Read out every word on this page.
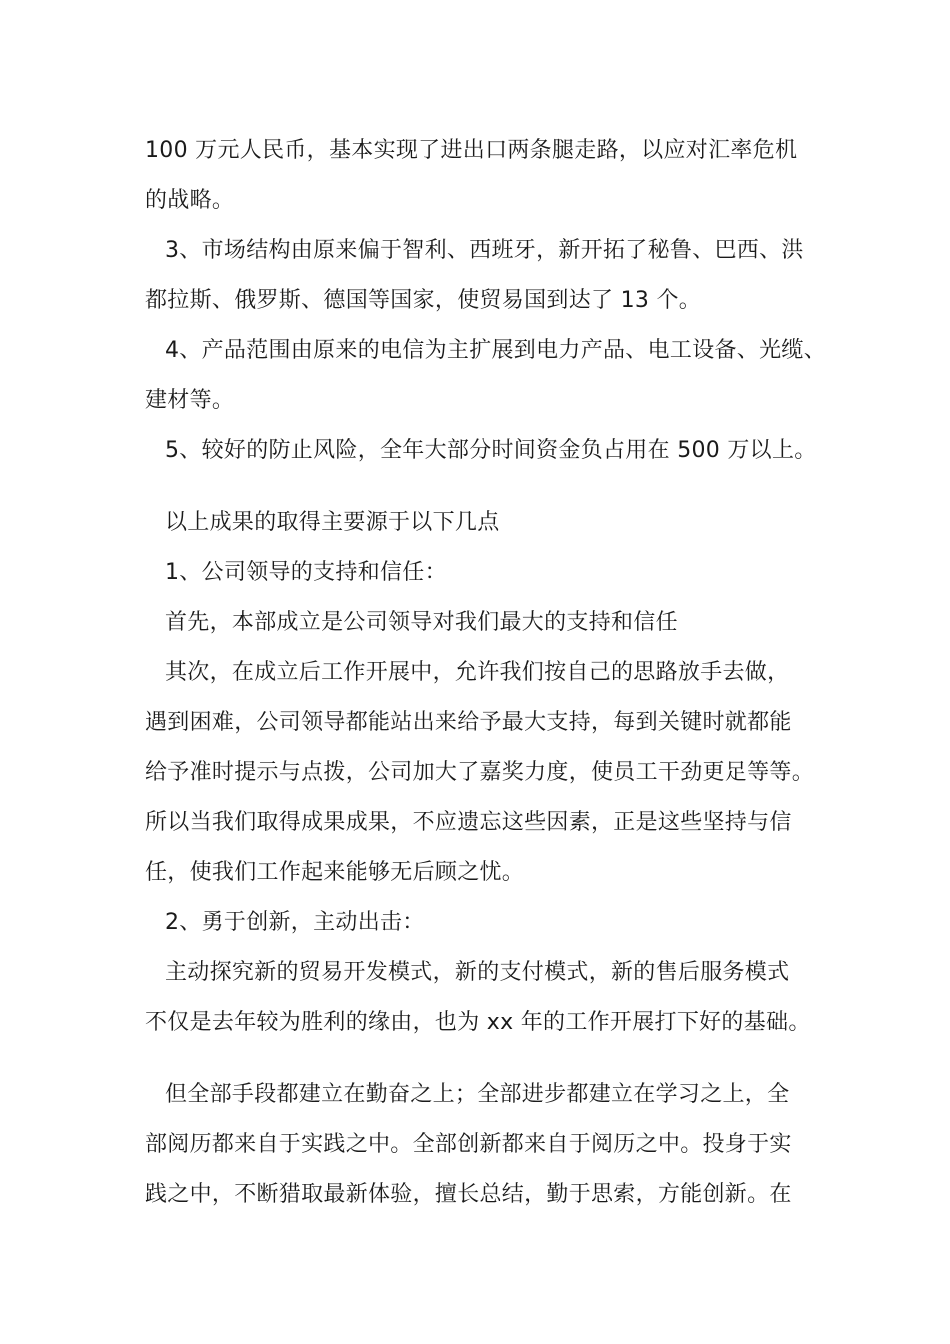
100 万元人民币，基本实现了进出口两条腿走路，以应对汇率危机
的战略。
3、市场结构由原来偏于智利、西班牙，新开拓了秘鲁、巴西、洪
都拉斯、俄罗斯、德国等国家，使贸易国到达了 13 个。
4、产品范围由原来的电信为主扩展到电力产品、电工设备、光缆、
建材等。
5、较好的防止风险，全年大部分时间资金负占用在 500 万以上。
以上成果的取得主要源于以下几点
1、公司领导的支持和信任：
首先，本部成立是公司领导对我们最大的支持和信任
其次，在成立后工作开展中，允许我们按自己的思路放手去做，
遇到困难，公司领导都能站出来给予最大支持，每到关键时就都能
给予准时提示与点拨，公司加大了嘉奖力度，使员工干劲更足等等。
所以当我们取得成果成果，不应遗忘这些因素，正是这些坚持与信
任，使我们工作起来能够无后顾之忧。
2、勇于创新，主动出击：
主动探究新的贸易开发模式，新的支付模式，新的售后服务模式
不仅是去年较为胜利的缘由，也为 xx 年的工作开展打下好的基础。
但全部手段都建立在勤奋之上；全部进步都建立在学习之上，全
部阅历都来自于实践之中。全部创新都来自于阅历之中。投身于实
践之中，不断猎取最新体验，擅长总结，勤于思索，方能创新。在
